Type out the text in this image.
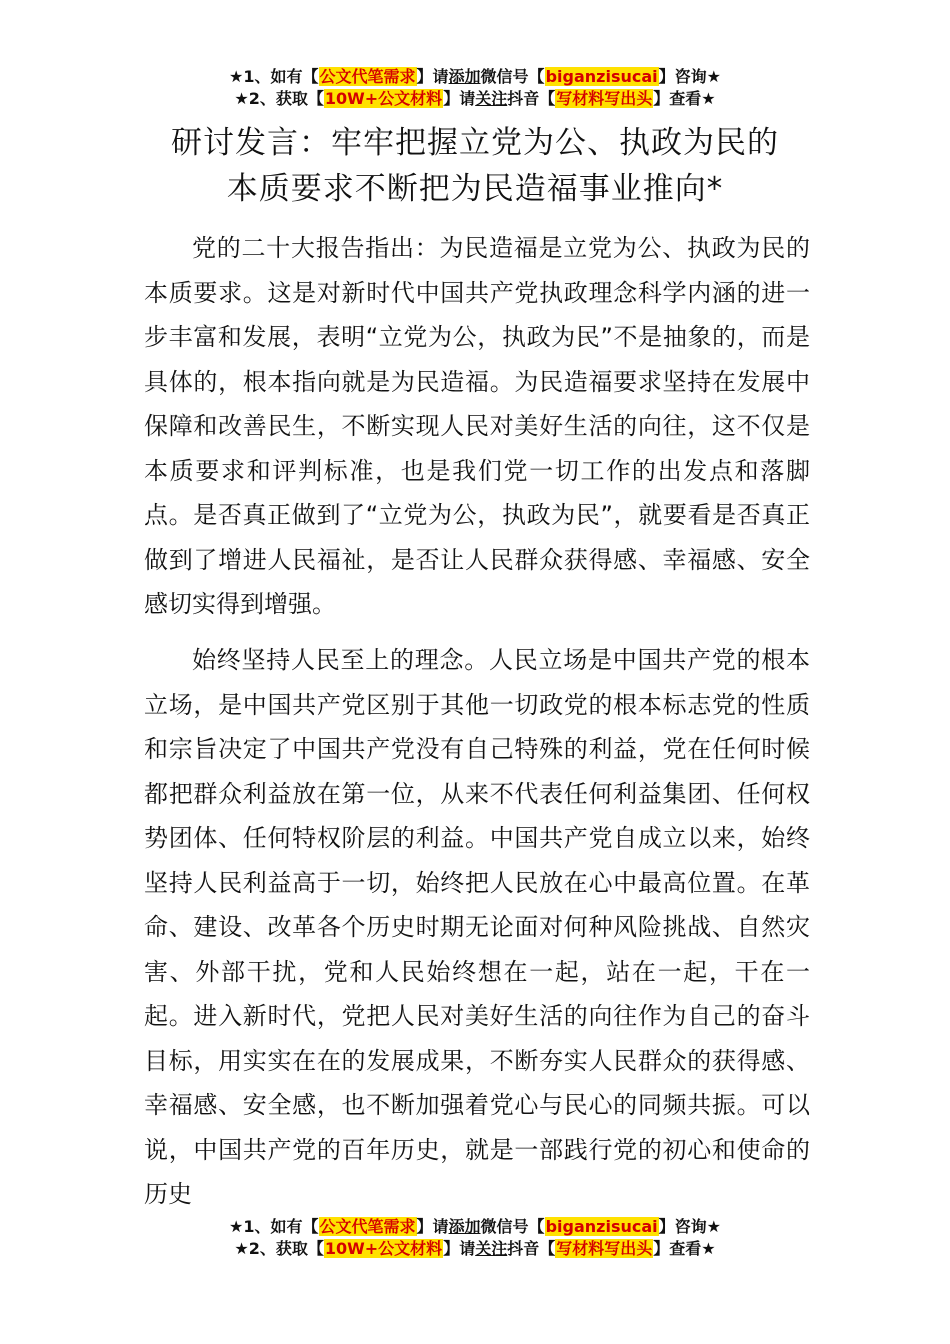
★1、如有【公文代笔需求】请添加微信号【biganzisucai】咨询★
★2、获取【10W+公文材料】请关注抖音【写材料写出头】查看★
研讨发言：牢牢把握立党为公、执政为民的
本质要求不断把为民造福事业推向*

党的二十大报告指出：为民造福是立党为公、执政为民的本质要求。这是对新时代中国共产党执政理念科学内涵的进一步丰富和发展，表明“立党为公，执政为民”不是抽象的，而是具体的，根本指向就是为民造福。为民造福要求坚持在发展中保障和改善民生，不断实现人民对美好生活的向往，这不仅是本质要求和评判标准，也是我们党一切工作的出发点和落脚点。是否真正做到了“立党为公，执政为民”，就要看是否真正做到了增进人民福祉，是否让人民群众获得感、幸福感、安全感切实得到增强。

始终坚持人民至上的理念。人民立场是中国共产党的根本立场，是中国共产党区别于其他一切政党的根本标志党的性质和宗旨决定了中国共产党没有自己特殊的利益，党在任何时候都把群众利益放在第一位，从来不代表任何利益集团、任何权势团体、任何特权阶层的利益。中国共产党自成立以来，始终坚持人民利益高于一切，始终把人民放在心中最高位置。在革命、建设、改革各个历史时期无论面对何种风险挑战、自然灾害、外部干扰，党和人民始终想在一起，站在一起，干在一起。进入新时代，党把人民对美好生活的向往作为自己的奋斗目标，用实实在在的发展成果，不断夯实人民群众的获得感、幸福感、安全感，也不断加强着党心与民心的同频共振。可以说，中国共产党的百年历史，就是一部践行党的初心和使命的历史

★1、如有【公文代笔需求】请添加微信号【biganzisucai】咨询★
★2、获取【10W+公文材料】请关注抖音【写材料写出头】查看★
